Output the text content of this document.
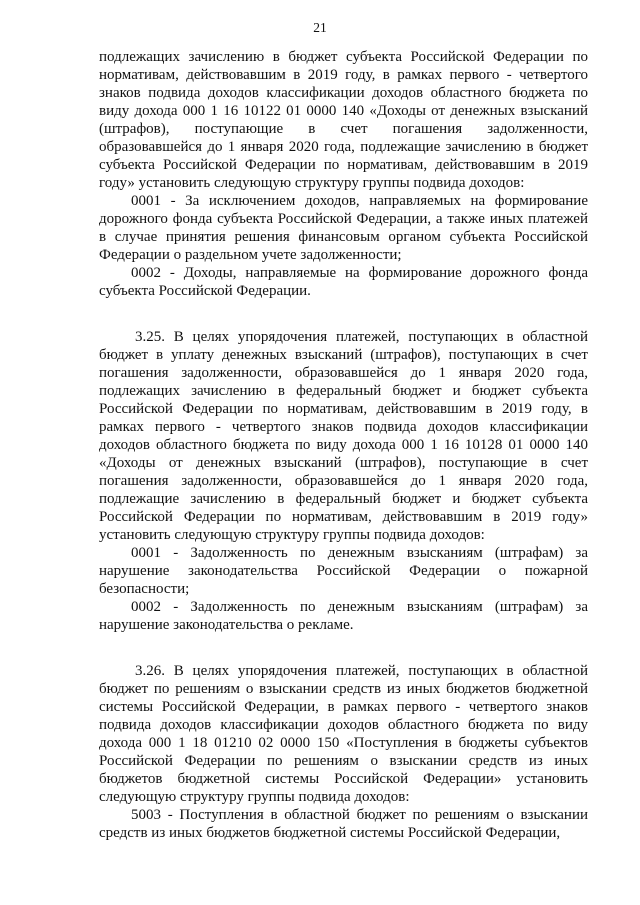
21

подлежащих зачислению в бюджет субъекта Российской Федерации по нормативам, действовавшим в 2019 году, в рамках первого - четвертого знаков подвида доходов классификации доходов областного бюджета по виду дохода 000 1 16 10122 01 0000 140 «Доходы от денежных взысканий (штрафов), поступающие в счет погашения задолженности, образовавшейся до 1 января 2020 года, подлежащие зачислению в бюджет субъекта Российской Федерации по нормативам, действовавшим в 2019 году» установить следующую структуру группы подвида доходов:

0001 - За исключением доходов, направляемых на формирование дорожного фонда субъекта Российской Федерации, а также иных платежей в случае принятия решения финансовым органом субъекта Российской Федерации о раздельном учете задолженности;

0002 - Доходы, направляемые на формирование дорожного фонда субъекта Российской Федерации.

3.25. В целях упорядочения платежей, поступающих в областной бюджет в уплату денежных взысканий (штрафов), поступающих в счет погашения задолженности, образовавшейся до 1 января 2020 года, подлежащих зачислению в федеральный бюджет и бюджет субъекта Российской Федерации по нормативам, действовавшим в 2019 году, в рамках первого - четвертого знаков подвида доходов классификации доходов областного бюджета по виду дохода 000 1 16 10128 01 0000 140 «Доходы от денежных взысканий (штрафов), поступающие в счет погашения задолженности, образовавшейся до 1 января 2020 года, подлежащие зачислению в федеральный бюджет и бюджет субъекта Российской Федерации по нормативам, действовавшим в 2019 году» установить следующую структуру группы подвида доходов:

0001 - Задолженность по денежным взысканиям (штрафам) за нарушение законодательства Российской Федерации о пожарной безопасности;

0002 - Задолженность по денежным взысканиям (штрафам) за нарушение законодательства о рекламе.

3.26. В целях упорядочения платежей, поступающих в областной бюджет по решениям о взыскании средств из иных бюджетов бюджетной системы Российской Федерации, в рамках первого - четвертого знаков подвида доходов классификации доходов областного бюджета по виду дохода 000 1 18 01210 02 0000 150 «Поступления в бюджеты субъектов Российской Федерации по решениям о взыскании средств из иных бюджетов бюджетной системы Российской Федерации» установить следующую структуру группы подвида доходов:

5003 - Поступления в областной бюджет по решениям о взыскании средств из иных бюджетов бюджетной системы Российской Федерации,
